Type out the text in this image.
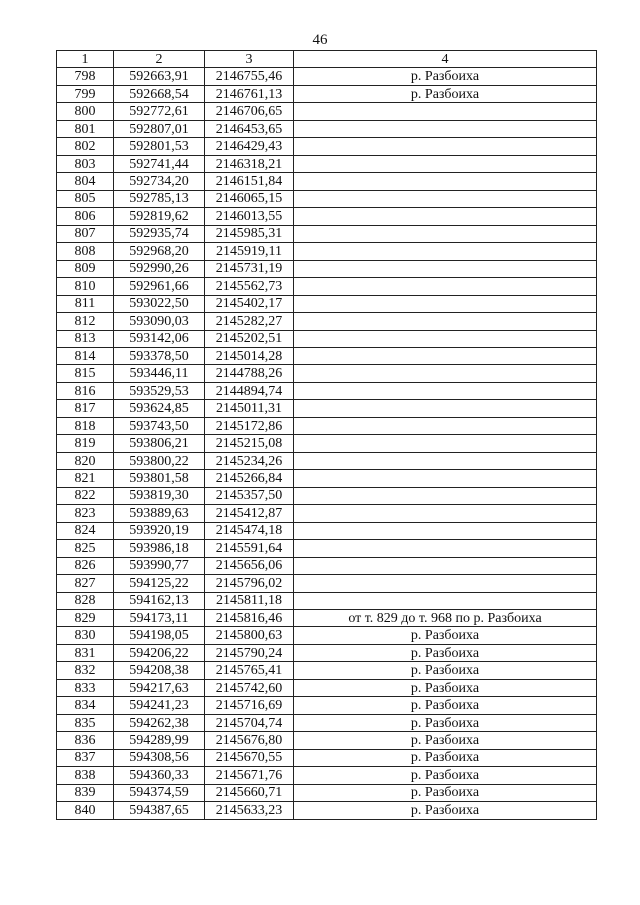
46
1	2	3	4
798	592663,91	2146755,46	р. Разбоиха
799	592668,54	2146761,13	р. Разбоиха
800	592772,61	2146706,65	
801	592807,01	2146453,65	
802	592801,53	2146429,43	
803	592741,44	2146318,21	
804	592734,20	2146151,84	
805	592785,13	2146065,15	
806	592819,62	2146013,55	
807	592935,74	2145985,31	
808	592968,20	2145919,11	
809	592990,26	2145731,19	
810	592961,66	2145562,73	
811	593022,50	2145402,17	
812	593090,03	2145282,27	
813	593142,06	2145202,51	
814	593378,50	2145014,28	
815	593446,11	2144788,26	
816	593529,53	2144894,74	
817	593624,85	2145011,31	
818	593743,50	2145172,86	
819	593806,21	2145215,08	
820	593800,22	2145234,26	
821	593801,58	2145266,84	
822	593819,30	2145357,50	
823	593889,63	2145412,87	
824	593920,19	2145474,18	
825	593986,18	2145591,64	
826	593990,77	2145656,06	
827	594125,22	2145796,02	
828	594162,13	2145811,18	
829	594173,11	2145816,46	от т. 829 до т. 968 по р. Разбоиха
830	594198,05	2145800,63	р. Разбоиха
831	594206,22	2145790,24	р. Разбоиха
832	594208,38	2145765,41	р. Разбоиха
833	594217,63	2145742,60	р. Разбоиха
834	594241,23	2145716,69	р. Разбоиха
835	594262,38	2145704,74	р. Разбоиха
836	594289,99	2145676,80	р. Разбоиха
837	594308,56	2145670,55	р. Разбоиха
838	594360,33	2145671,76	р. Разбоиха
839	594374,59	2145660,71	р. Разбоиха
840	594387,65	2145633,23	р. Разбоиха
